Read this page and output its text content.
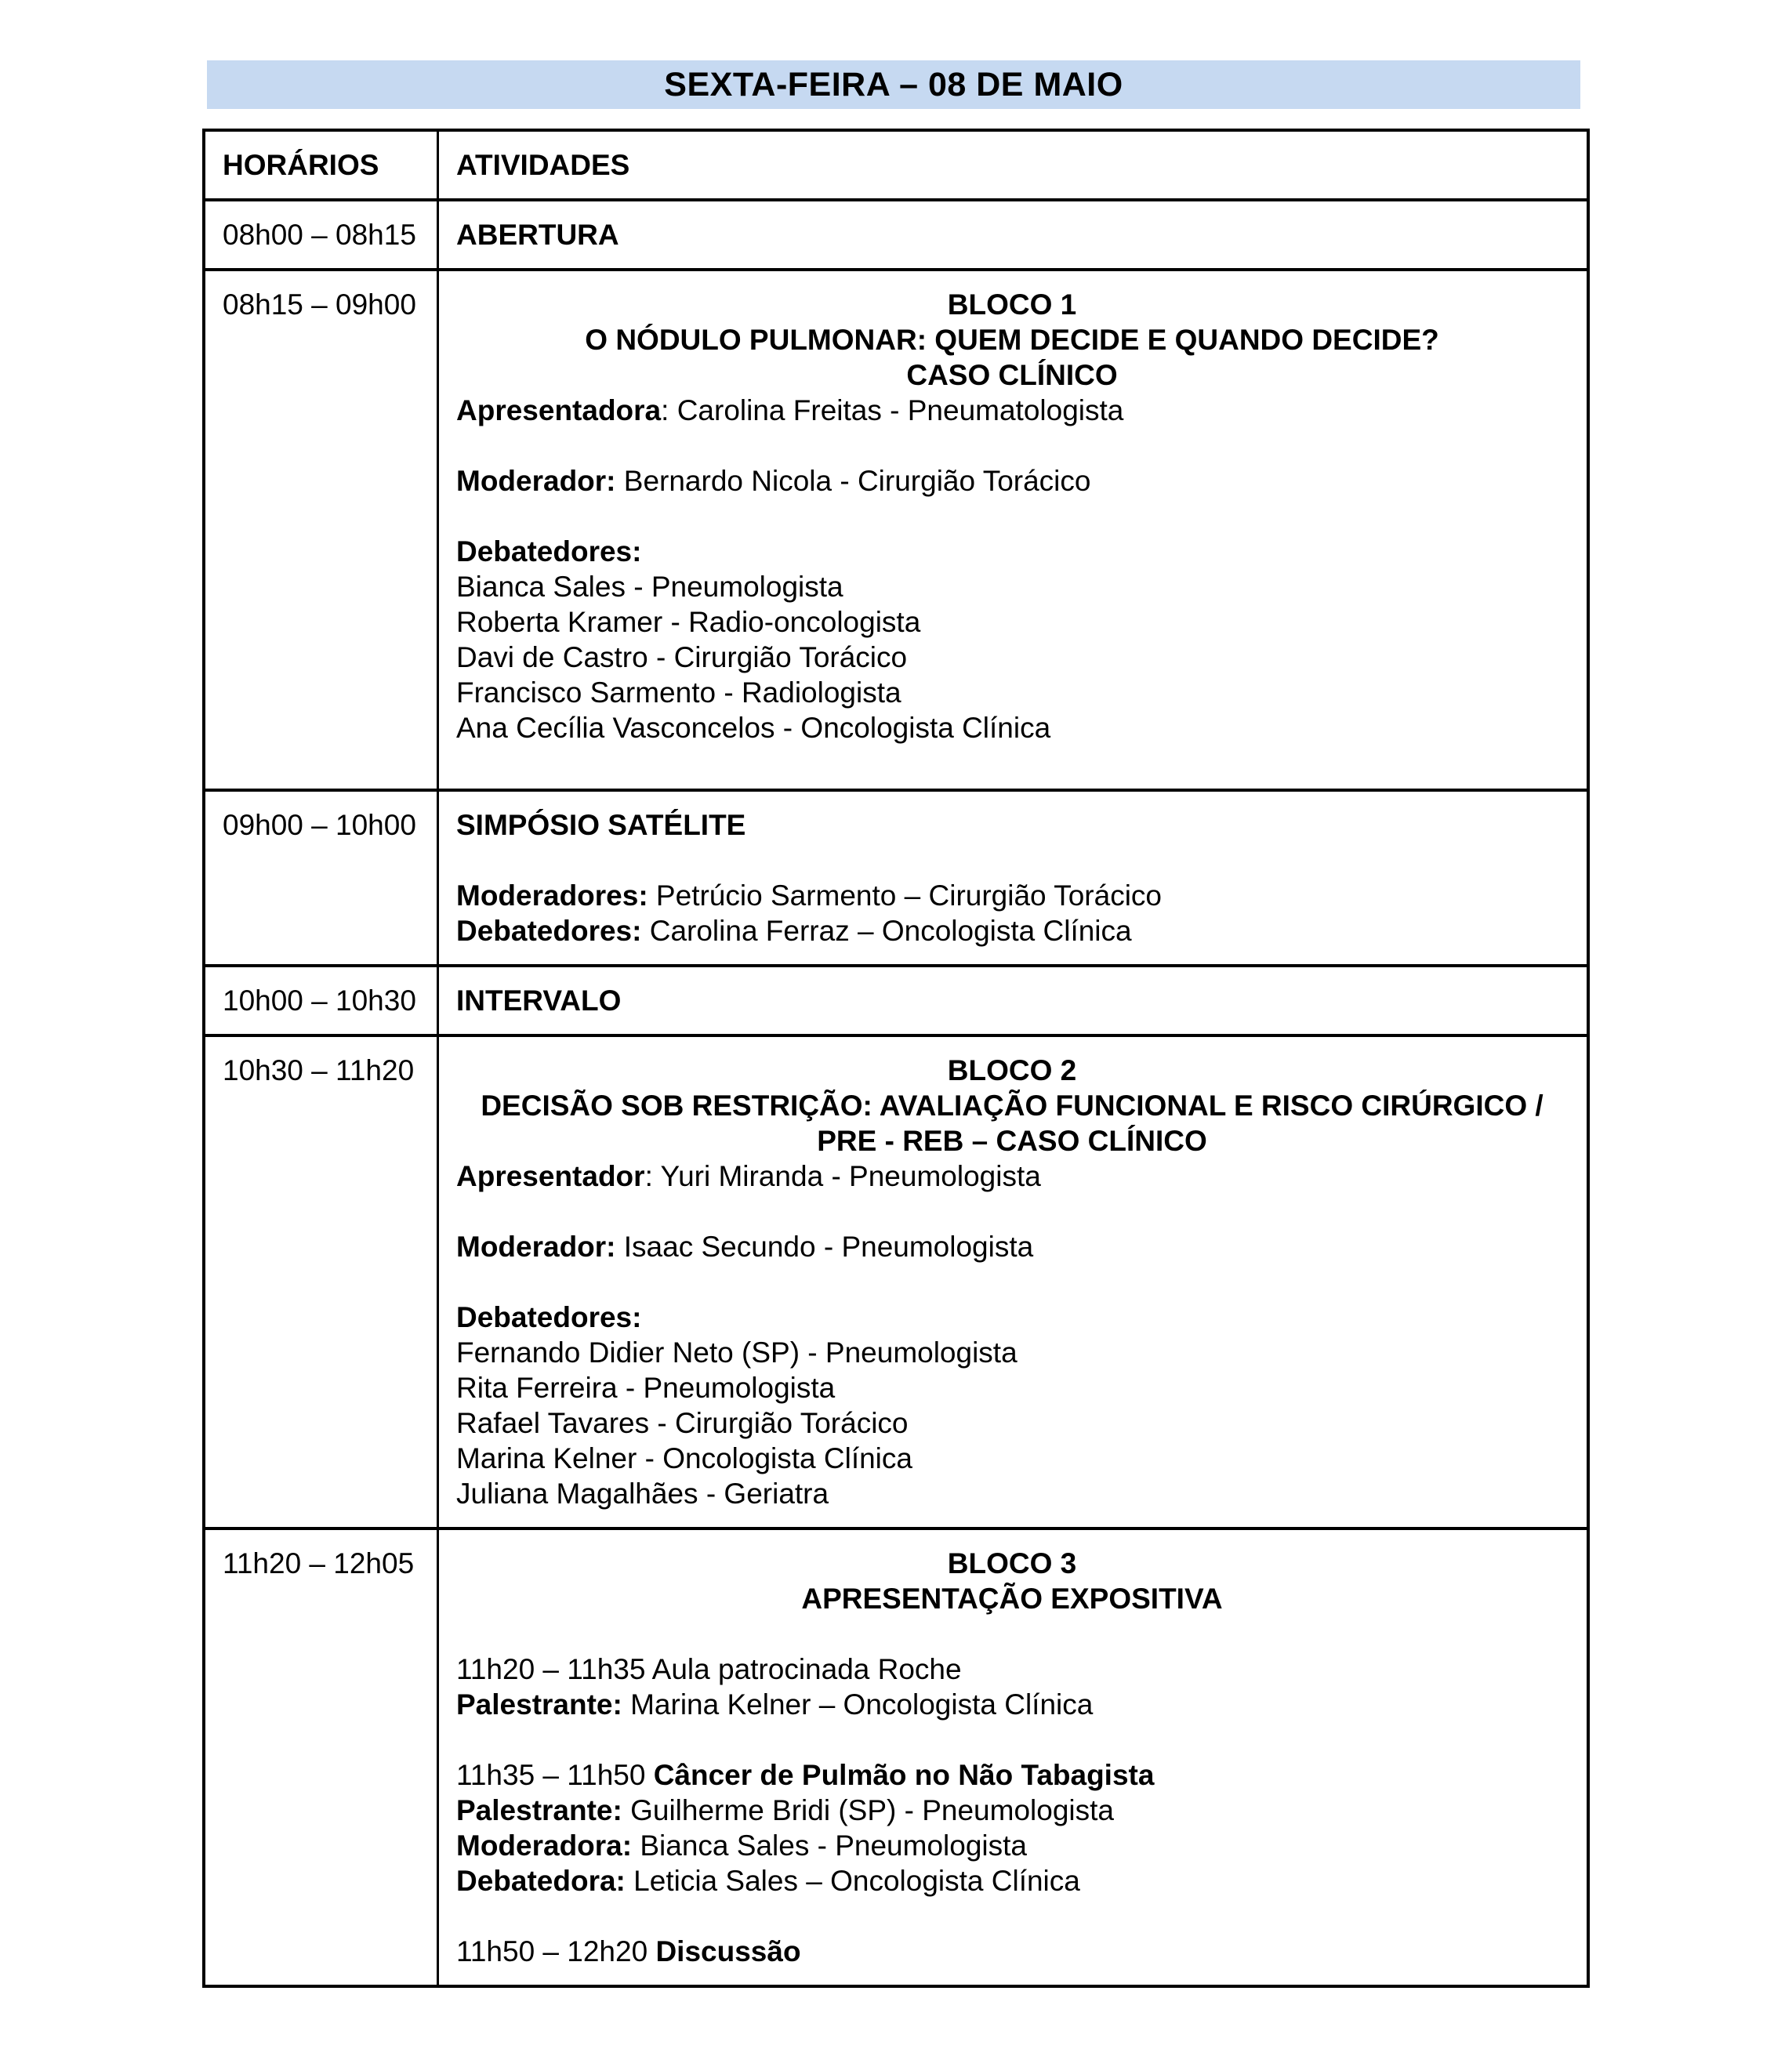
SEXTA-FEIRA – 08 DE MAIO
HORÁRIOS	ATIVIDADES
08h00 – 08h15	ABERTURA
08h15 – 09h00	BLOCO 1
O NÓDULO PULMONAR: QUEM DECIDE E QUANDO DECIDE?
CASO CLÍNICO
Apresentadora: Carolina Freitas - Pneumatologista
Moderador: Bernardo Nicola - Cirurgião Torácico
Debatedores:
Bianca Sales - Pneumologista
Roberta Kramer - Radio-oncologista
Davi de Castro - Cirurgião Torácico
Francisco Sarmento - Radiologista
Ana Cecília Vasconcelos - Oncologista Clínica
09h00 – 10h00	SIMPÓSIO SATÉLITE
Moderadores: Petrúcio Sarmento – Cirurgião Torácico
Debatedores: Carolina Ferraz – Oncologista Clínica
10h00 – 10h30	INTERVALO
10h30 – 11h20	BLOCO 2
DECISÃO SOB RESTRIÇÃO: AVALIAÇÃO FUNCIONAL E RISCO CIRÚRGICO /
PRE - REB – CASO CLÍNICO
Apresentador: Yuri Miranda - Pneumologista
Moderador: Isaac Secundo - Pneumologista
Debatedores:
Fernando Didier Neto (SP) - Pneumologista
Rita Ferreira - Pneumologista
Rafael Tavares - Cirurgião Torácico
Marina Kelner - Oncologista Clínica
Juliana Magalhães - Geriatra
11h20 – 12h05	BLOCO 3
APRESENTAÇÃO EXPOSITIVA
11h20 – 11h35 Aula patrocinada Roche
Palestrante: Marina Kelner – Oncologista Clínica
11h35 – 11h50 Câncer de Pulmão no Não Tabagista
Palestrante: Guilherme Bridi (SP) - Pneumologista
Moderadora: Bianca Sales - Pneumologista
Debatedora: Leticia Sales – Oncologista Clínica
11h50 – 12h20 Discussão
